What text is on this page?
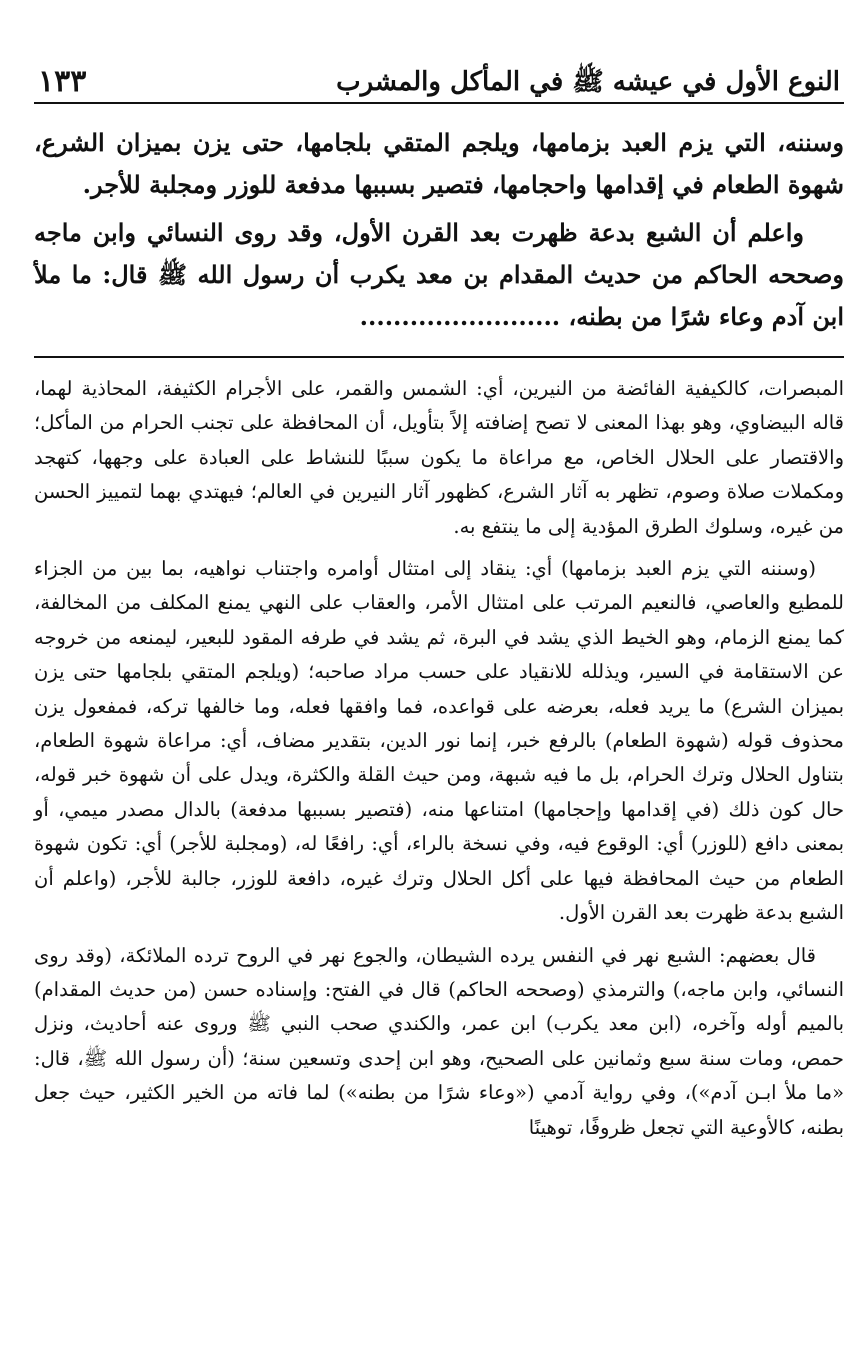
النوع الأول في عيشه ﷺ في المأكل والمشرب
١٣٣

وسننه، التي يزم العبد بزمامها، ويلجم المتقي بلجامها، حتى يزن بميزان الشرع، شهوة الطعام في إقدامها واحجامها، فتصير بسببها مدفعة للوزر ومجلبة للأجر.

واعلم أن الشبع بدعة ظهرت بعد القرن الأول، وقد روى النسائي وابن ماجه وصححه الحاكم من حديث المقدام بن معد يكرب أن رسول الله ﷺ قال: ما ملأ ابن آدم وعاء شرًا من بطنه، ........................

المبصرات، كالكيفية الفائضة من النيرين، أي: الشمس والقمر، على الأجرام الكثيفة، المحاذية لهما، قاله البيضاوي، وهو بهذا المعنى لا تصح إضافته إلاً بتأويل، أن المحافظة على تجنب الحرام من المأكل؛ والاقتصار على الحلال الخاص، مع مراعاة ما يكون سببًا للنشاط على العبادة على وجهها، كتهجد ومكملات صلاة وصوم، تظهر به آثار الشرع، كظهور آثار النيرين في العالم؛ فيهتدي بهما لتمييز الحسن من غيره، وسلوك الطرق المؤدية إلى ما ينتفع به.

(وسننه التي يزم العبد بزمامها) أي: ينقاد إلى امتثال أوامره واجتناب نواهيه، بما بين من الجزاء للمطيع والعاصي، فالنعيم المرتب على امتثال الأمر، والعقاب على النهي يمنع المكلف من المخالفة، كما يمنع الزمام، وهو الخيط الذي يشد في البرة، ثم يشد في طرفه المقود للبعير، ليمنعه من خروجه عن الاستقامة في السير، ويذلله للانقياد على حسب مراد صاحبه؛ (ويلجم المتقي بلجامها حتى يزن بميزان الشرع) ما يريد فعله، بعرضه على قواعده، فما وافقها فعله، وما خالفها تركه، فمفعول يزن محذوف قوله (شهوة الطعام) بالرفع خبر، إنما نور الدين، بتقدير مضاف، أي: مراعاة شهوة الطعام، بتناول الحلال وترك الحرام، بل ما فيه شبهة، ومن حيث القلة والكثرة، ويدل على أن شهوة خبر قوله، حال كون ذلك (في إقدامها وإحجامها) امتناعها منه، (فتصير بسببها مدفعة) بالدال مصدر ميمي، أو بمعنى دافع (للوزر) أي: الوقوع فيه، وفي نسخة بالراء، أي: رافعًا له، (ومجلبة للأجر) أي: تكون شهوة الطعام من حيث المحافظة فيها على أكل الحلال وترك غيره، دافعة للوزر، جالبة للأجر، (واعلم أن الشبع بدعة ظهرت بعد القرن الأول.

قال بعضهم: الشبع نهر في النفس يرده الشيطان، والجوع نهر في الروح ترده الملائكة، (وقد روى النسائي، وابن ماجه،) والترمذي (وصححه الحاكم) قال في الفتح: وإسناده حسن (من حديث المقدام) بالميم أوله وآخره، (ابن معد يكرب) ابن عمر، والكندي صحب النبي ﷺ وروى عنه أحاديث، ونزل حمص، ومات سنة سبع وثمانين على الصحيح، وهو ابن إحدى وتسعين سنة؛ (أن رسول الله ﷺ، قال: «ما ملأ ابـن آدم»)، وفي رواية آدمي («وعاء شرًا من بطنه») لما فاته من الخير الكثير، حيث جعل بطنه، كالأوعية التي تجعل ظروفًا، توهينًا
